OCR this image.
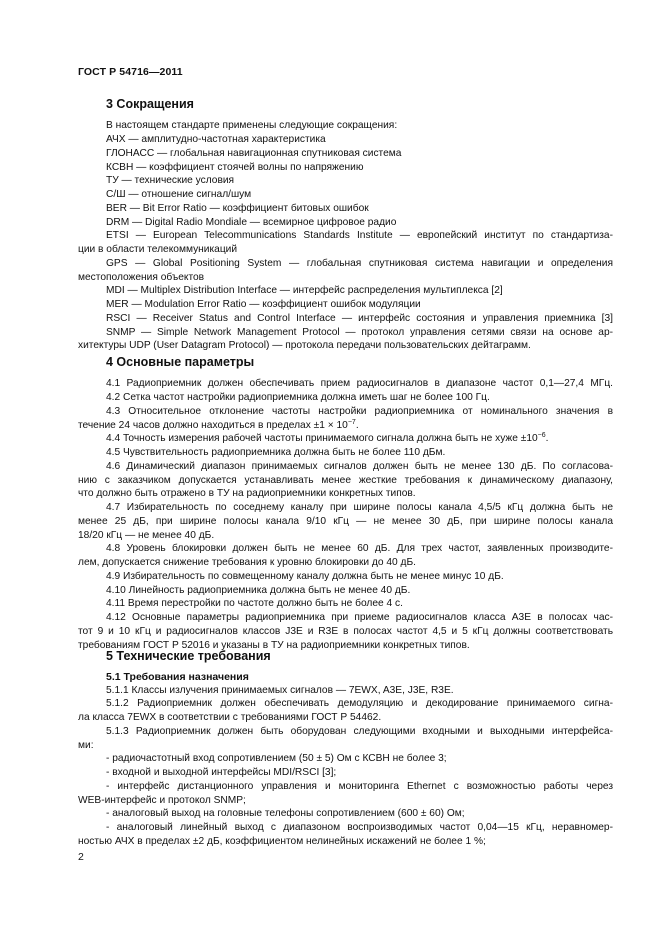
ГОСТ Р 54716—2011
3 Сокращения
В настоящем стандарте применены следующие сокращения:
АЧХ — амплитудно-частотная характеристика
ГЛОНАСС — глобальная навигационная спутниковая система
КСВН — коэффициент стоячей волны по напряжению
ТУ — технические условия
С/Ш — отношение сигнал/шум
BER — Bit Error Ratio — коэффициент битовых ошибок
DRM — Digital Radio Mondiale — всемирное цифровое радио
ETSI — European Telecommunications Standards Institute — европейский институт по стандартиза-
ции в области телекоммуникаций
GPS — Global Positioning System — глобальная спутниковая система навигации и определения
местоположения объектов
MDI — Multiplex Distribution Interface — интерфейс распределения мультиплекса [2]
MER — Modulation Error Ratio — коэффициент ошибок модуляции
RSCI — Receiver Status and Control Interface — интерфейс состояния и управления приемника [3]
SNMP — Simple Network Management Protocol — протокол управления сетями связи на основе ар-
хитектуры UDP (User Datagram Protocol) — протокола передачи пользовательских дейтаграмм.
4 Основные параметры
4.1 Радиоприемник должен обеспечивать прием радиосигналов в диапазоне частот 0,1—27,4 МГц.
4.2 Сетка частот настройки радиоприемника должна иметь шаг не более 100 Гц.
4.3 Относительное отклонение частоты настройки радиоприемника от номинального значения в
течение 24 часов должно находиться в пределах $\pm 1 \times 10^{-7}$.
4.4 Точность измерения рабочей частоты принимаемого сигнала должна быть не хуже $\pm 10^{-6}$.
4.5 Чувствительность радиоприемника должна быть не более 110 дБм.
4.6 Динамический диапазон принимаемых сигналов должен быть не менее 130 дБ. По согласова-
нию с заказчиком допускается устанавливать менее жесткие требования к динамическому диапазону,
что должно быть отражено в ТУ на радиоприемники конкретных типов.
4.7 Избирательность по соседнему каналу при ширине полосы канала 4,5/5 кГц должна быть не
менее 25 дБ, при ширине полосы канала 9/10 кГц — не менее 30 дБ, при ширине полосы канала
18/20 кГц — не менее 40 дБ.
4.8 Уровень блокировки должен быть не менее 60 дБ. Для трех частот, заявленных производите-
лем, допускается снижение требования к уровню блокировки до 40 дБ.
4.9 Избирательность по совмещенному каналу должна быть не менее минус 10 дБ.
4.10 Линейность радиоприемника должна быть не менее 40 дБ.
4.11 Время перестройки по частоте должно быть не более 4 с.
4.12 Основные параметры радиоприемника при приеме радиосигналов класса A3E в полосах час-
тот 9 и 10 кГц и радиосигналов классов J3E и R3E в полосах частот 4,5 и 5 кГц должны соответствовать
требованиям ГОСТ Р 52016 и указаны в ТУ на радиоприемники конкретных типов.
5 Технические требования
5.1 Требования назначения
5.1.1 Классы излучения принимаемых сигналов — 7EWX, A3E, J3E, R3E.
5.1.2 Радиоприемник должен обеспечивать демодуляцию и декодирование принимаемого сигна-
ла класса 7EWX в соответствии с требованиями ГОСТ Р 54462.
5.1.3 Радиоприемник должен быть оборудован следующими входными и выходными интерфейса-
ми:
- радиочастотный вход сопротивлением (50 ± 5) Ом с КСВН не более 3;
- входной и выходной интерфейсы MDI/RSCI [3];
- интерфейс дистанционного управления и мониторинга Ethernet с возможностью работы через
WEB-интерфейс и протокол SNMP;
- аналоговый выход на головные телефоны сопротивлением (600 ± 60) Ом;
- аналоговый линейный выход с диапазоном воспроизводимых частот 0,04—15 кГц, неравномер-
ностью АЧХ в пределах ±2 дБ, коэффициентом нелинейных искажений не более 1 %;
2
